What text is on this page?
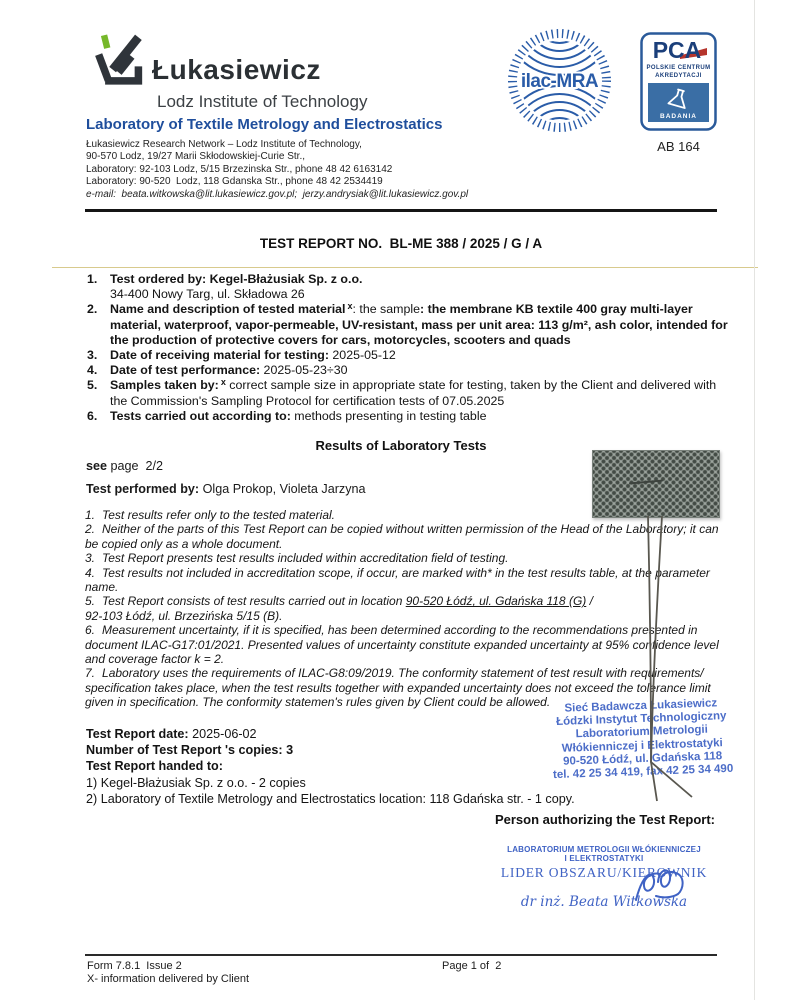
Łukasiewicz
Lodz Institute of Technology
ilac-MRA
PCA
POLSKIE CENTRUM
AKREDYTACJI
BADANIA
AB 164
Laboratory of Textile Metrology and Electrostatics
Łukasiewicz Research Network – Lodz Institute of Technology,
90-570 Lodz, 19/27 Marii Skłodowskiej-Curie Str.,
Laboratory: 92-103 Lodz, 5/15 Brzezinska Str., phone 48 42 6163142
Laboratory: 90-520  Lodz, 118 Gdanska Str., phone 48 42 2534419
e-mail:  beata.witkowska@lit.lukasiewicz.gov.pl;  jerzy.andrysiak@lit.lukasiewicz.gov.pl
TEST REPORT NO.  BL-ME 388 / 2025 / G / A
1. Test ordered by: Kegel-Błażusiak Sp. z o.o.
34-400 Nowy Targ, ul. Składowa 26
2. Name and description of tested material $^x$: the sample: the membrane KB textile 400 gray multi-layer material, waterproof, vapor-permeable, UV-resistant, mass per unit area: 113 g/m², ash color, intended for the production of protective covers for cars, motorcycles, scooters and quads
3. Date of receiving material for testing: 2025-05-12
4. Date of test performance: 2025-05-23÷30
5. Samples taken by: $^x$ correct sample size in appropriate state for testing, taken by the Client and delivered with the Commission's Sampling Protocol for certification tests of 07.05.2025
6. Tests carried out according to: methods presenting in testing table
Results of Laboratory Tests
see page  2/2
Test performed by: Olga Prokop, Violeta Jarzyna
1. Test results refer only to the tested material.
2. Neither of the parts of this Test Report can be copied without written permission of the Head of the Laboratory; it can be copied only as a whole document.
3. Test Report presents test results included within accreditation field of testing.
4. Test results not included in accreditation scope, if occur, are marked with* in the test results table, at the parameter name.
5. Test Report consists of test results carried out in location 90-520 Łódź, ul. Gdańska 118 (G) /
92-103 Łódź, ul. Brzezińska 5/15 (B).
6. Measurement uncertainty, if it is specified, has been determined according to the recommendations presented in document ILAC-G17:01/2021. Presented values of uncertainty constitute expanded uncertainty at 95% confidence level and coverage factor k = 2.
7. Laboratory uses the requirements of ILAC-G8:09/2019. The conformity statement of test result with requirements/ specification takes place, when the test results together with expanded uncertainty does not exceed the tolerance limit given in specification. The conformity statemen's rules given by Client could be allowed.	Sieć Badawcza Łukasiewicz
Łódzki Instytut Technologiczny
Laboratorium Metrologii
Włókienniczej i Elektrostatyki
90-520 Łódź, ul. Gdańska 118
tel. 42 25 34 419, fax 42 25 34 490
Test Report date: 2025-06-02
Number of Test Report 's copies: 3
Test Report handed to:
1) Kegel-Błażusiak Sp. z o.o. - 2 copies
2) Laboratory of Textile Metrology and Electrostatics location: 118 Gdańska str. - 1 copy.
Person authorizing the Test Report:
LABORATORIUM METROLOGII WŁÓKIENNICZEJ
I ELEKTROSTATYKI
LIDER OBSZARU/KIEROWNIK
dr inż. Beata Witkowska
Form 7.8.1  Issue 2
X- information delivered by Client
Page 1 of  2
